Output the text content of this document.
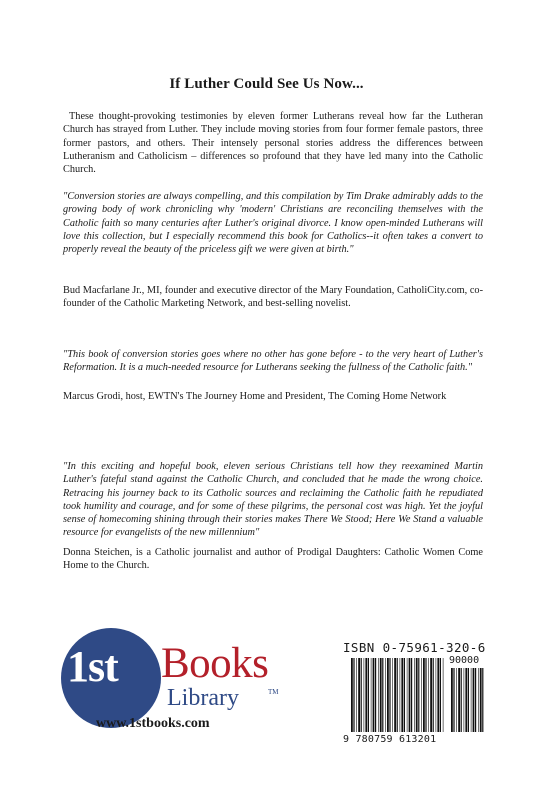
If Luther Could See Us Now...
These thought-provoking testimonies by eleven former Lutherans reveal how far the Lutheran Church has strayed from Luther. They include moving stories from four former female pastors, three former pastors, and others. Their intensely personal stories address the differences between Lutheranism and Catholicism – differences so profound that they have led many into the Catholic Church.
"Conversion stories are always compelling, and this compilation by Tim Drake admirably adds to the growing body of work chronicling why 'modern' Christians are reconciling themselves with the Catholic faith so many centuries after Luther's original divorce. I know open-minded Lutherans will love this collection, but I especially recommend this book for Catholics--it often takes a convert to properly reveal the beauty of the priceless gift we were given at birth."
Bud Macfarlane Jr., MI, founder and executive director of the Mary Foundation, CatholiCity.com, co-founder of the Catholic Marketing Network, and best-selling novelist.
"This book of conversion stories goes where no other has gone before - to the very heart of Luther's Reformation. It is a much-needed resource for Lutherans seeking the fullness of the Catholic faith."
Marcus Grodi, host, EWTN's The Journey Home and President, The Coming Home Network
"In this exciting and hopeful book, eleven serious Christians tell how they reexamined Martin Luther's fateful stand against the Catholic Church, and concluded that he made the wrong choice. Retracing his journey back to its Catholic sources and reclaiming the Catholic faith he repudiated took humility and courage, and for some of these pilgrims, the personal cost was high. Yet the joyful sense of homecoming shining through their stories makes There We Stood; Here We Stand a valuable resource for evangelists of the new millennium"
Donna Steichen, is a Catholic journalist and author of Prodigal Daughters: Catholic Women Come Home to the Church.
1st Books
Library	TM
www.1stbooks.com
ISBN 0-75961-320-6
90000
9 780759 613201
